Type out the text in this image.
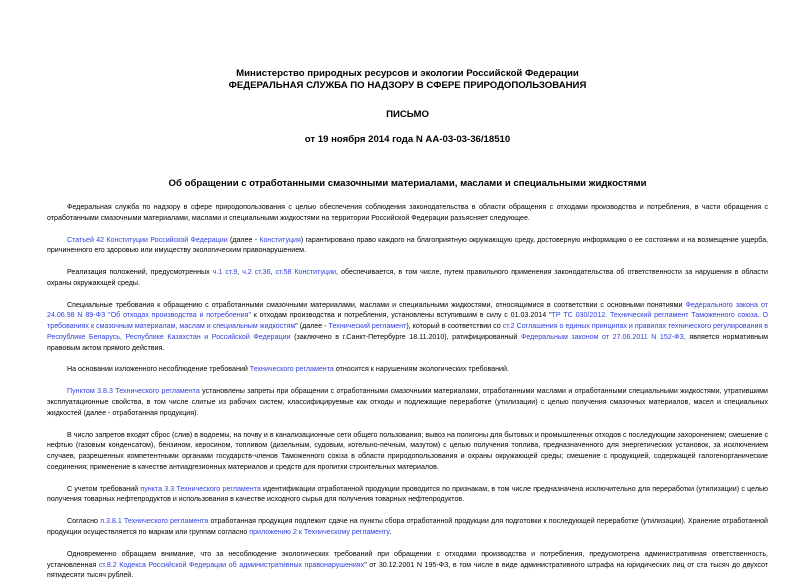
Министерство природных ресурсов и экологии Российской Федерации
ФЕДЕРАЛЬНАЯ СЛУЖБА ПО НАДЗОРУ В СФЕРЕ ПРИРОДОПОЛЬЗОВАНИЯ
ПИСЬМО
от 19 ноября 2014 года N АА-03-03-36/18510
Об обращении с отработанными смазочными материалами, маслами и специальными жидкостями

Федеральная служба по надзору в сфере природопользования с целью обеспечения соблюдения законодательства в области обращения с отходами производства и потребления, в части обращения с отработанными смазочными материалами, маслами и специальными жидкостями на территории Российской Федерации разъясняет следующее.

Статьей 42 Конституции Российской Федерации (далее - Конституция) гарантировано право каждого на благоприятную окружающую среду, достоверную информацию о ее состоянии и на возмещение ущерба, причиненного его здоровью или имуществу экологическим правонарушением.

Реализация положений, предусмотренных ч.1 ст.9, ч.2 ст.36, ст.58 Конституции, обеспечивается, в том числе, путем правильного применения законодательства об ответственности за нарушения в области охраны окружающей среды.

Специальные требования к обращению с отработанными смазочными материалами, маслами и специальными жидкостями, относящимися в соответствии с основными понятиями Федерального закона от 24.06.98 N 89-ФЗ "Об отходах производства и потребления" к отходам производства и потребления, установлены вступившим в силу с 01.03.2014 "ТР ТС 030/2012. Технический регламент Таможенного союза. О требованиях к смазочным материалам, маслам и специальным жидкостям" (далее - Технический регламент), который в соответствии со ст.2 Соглашения о единых принципах и правилах технического регулирования в Республике Беларусь, Республике Казахстан и Российской Федерации (заключено в г.Санкт-Петербурге 18.11.2010), ратифицированный Федеральным законом от 27.06.2011 N 152-ФЗ, является нормативным правовым актом прямого действия.

На основании изложенного несоблюдение требований Технического регламента относится к нарушениям экологических требований.

Пунктом 3.8.3 Технического регламента установлены запреты при обращении с отработанными смазочными материалами, отработанными маслами и отработанными специальными жидкостями, утратившими эксплуатационные свойства, в том числе слитые из рабочих систем, классифицируемые как отходы и подлежащие переработке (утилизации) с целью получения смазочных материалов, масел и специальных жидкостей (далее - отработанная продукция).

В число запретов входят сброс (слив) в водоемы, на почву и в канализационные сети общего пользования; вывоз на полигоны для бытовых и промышленных отходов с последующим захоронением; смешение с нефтью (газовым конденсатом), бензином, керосином, топливом (дизельным, судовым, котельно-печным, мазутом) с целью получения топлива, предназначенного для энергетических установок, за исключением случаев, разрешенных компетентными органами государств-членов Таможенного союза в области природопользования и охраны окружающей среды; смешение с продукцией, содержащей галогенорганические соединения; применение в качестве антиадгезионных материалов и средств для пропитки строительных материалов.

С учетом требований пункта 3.3 Технического регламента идентификации отработанной продукции проводится по признакам, в том числе предназначена исключительно для переработки (утилизации) с целью получения товарных нефтепродуктов и использования в качестве исходного сырья для получения товарных нефтепродуктов.

Согласно п.3.8.1 Технического регламента отработанная продукция подлежит сдаче на пункты сбора отработанной продукции для подготовки к последующей переработке (утилизации). Хранение отработанной продукции осуществляется по маркам или группам согласно приложению 2 к Техническому регламенту.

Одновременно обращаем внимание, что за несоблюдение экологических требований при обращении с отходами производства и потребления, предусмотрена административная ответственность, установленная ст.8.2 Кодекса Российской Федерации об административных правонарушениях" от 30.12.2001 N 195-ФЗ, в том числе в виде административного штрафа на юридических лиц от ста тысяч до двухсот пятидесяти тысяч рублей.
